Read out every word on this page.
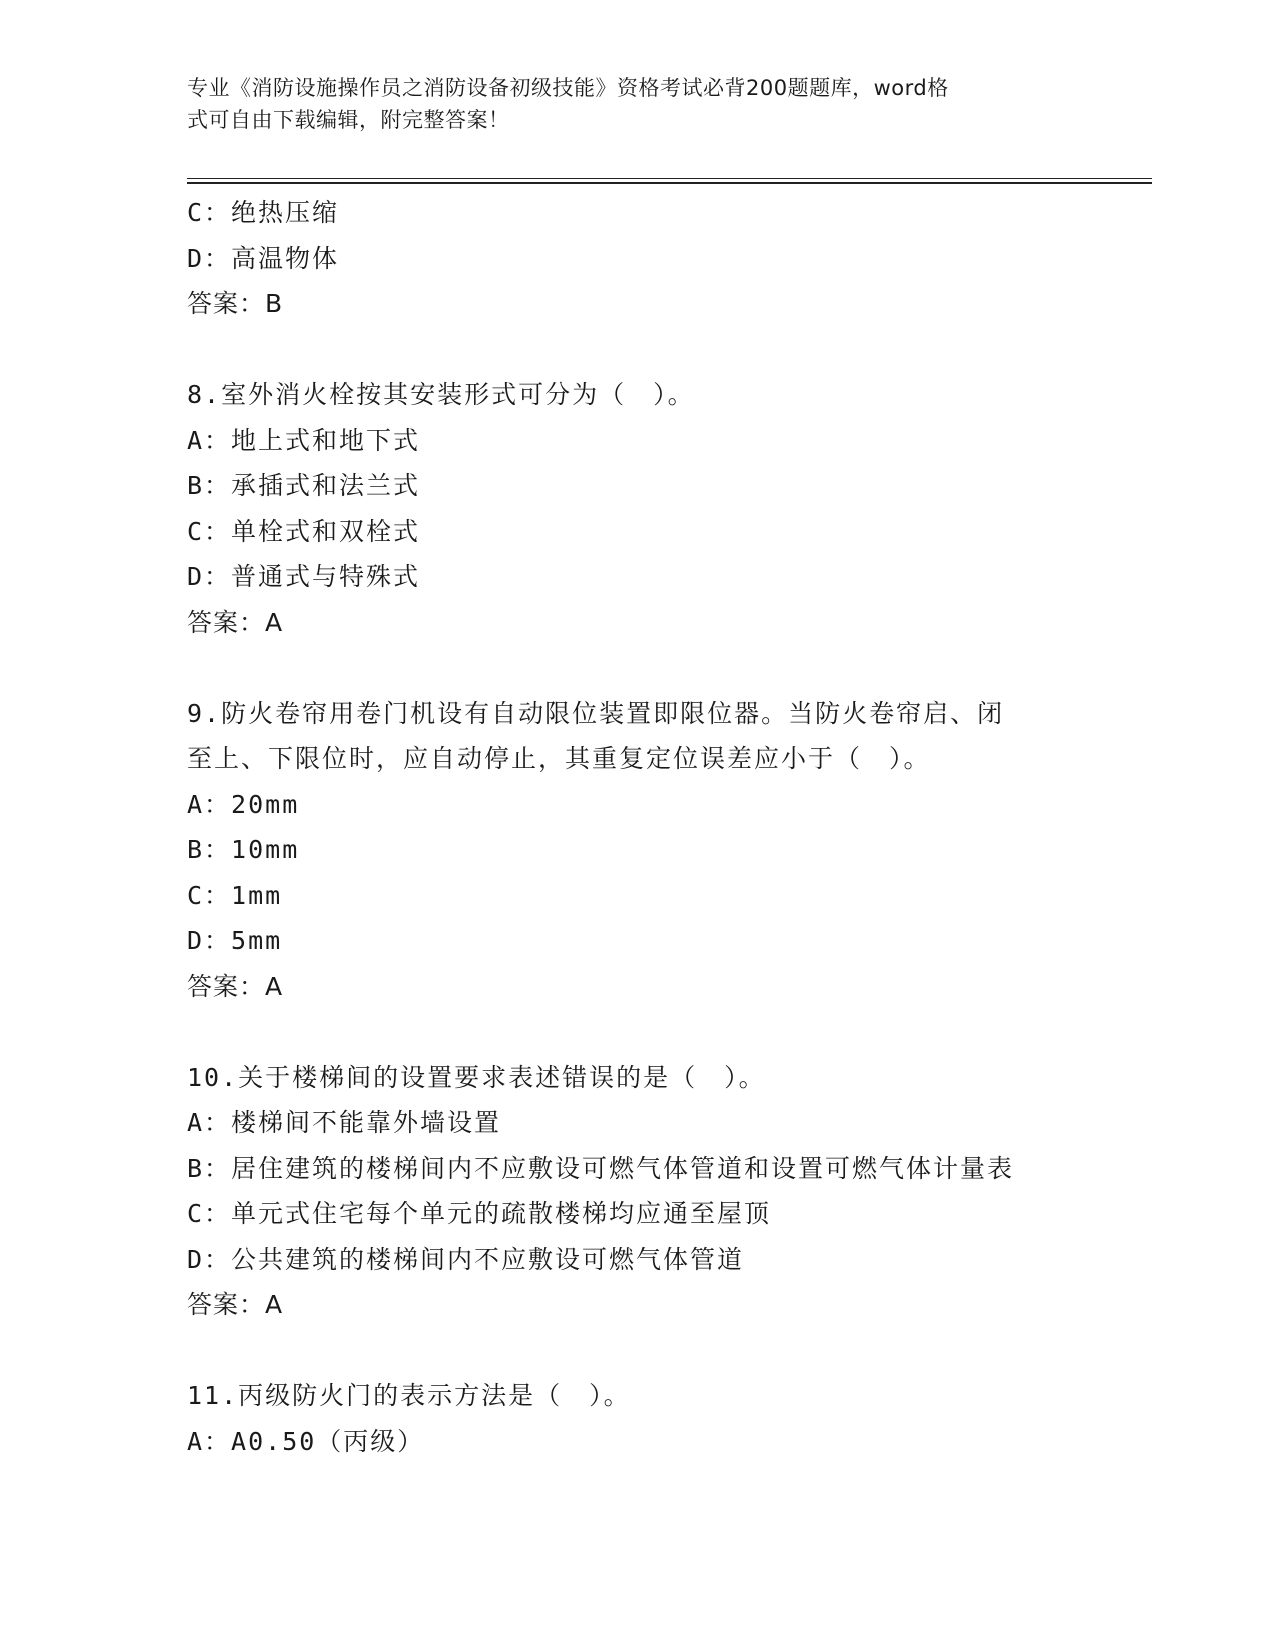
专业《消防设施操作员之消防设备初级技能》资格考试必背200题题库，word格
式可自由下载编辑，附完整答案！
C：绝热压缩
D：高温物体
答案：B
8.室外消火栓按其安装形式可分为（　）。
A：地上式和地下式
B：承插式和法兰式
C：单栓式和双栓式
D：普通式与特殊式
答案：A
9.防火卷帘用卷门机设有自动限位装置即限位器。当防火卷帘启、闭
至上、下限位时，应自动停止，其重复定位误差应小于（　）。
A：20mm
B：10mm
C：1mm
D：5mm
答案：A
10.关于楼梯间的设置要求表述错误的是（　）。
A：楼梯间不能靠外墙设置
B：居住建筑的楼梯间内不应敷设可燃气体管道和设置可燃气体计量表
C：单元式住宅每个单元的疏散楼梯均应通至屋顶
D：公共建筑的楼梯间内不应敷设可燃气体管道
答案：A
11.丙级防火门的表示方法是（　）。
A：A0.50（丙级）
